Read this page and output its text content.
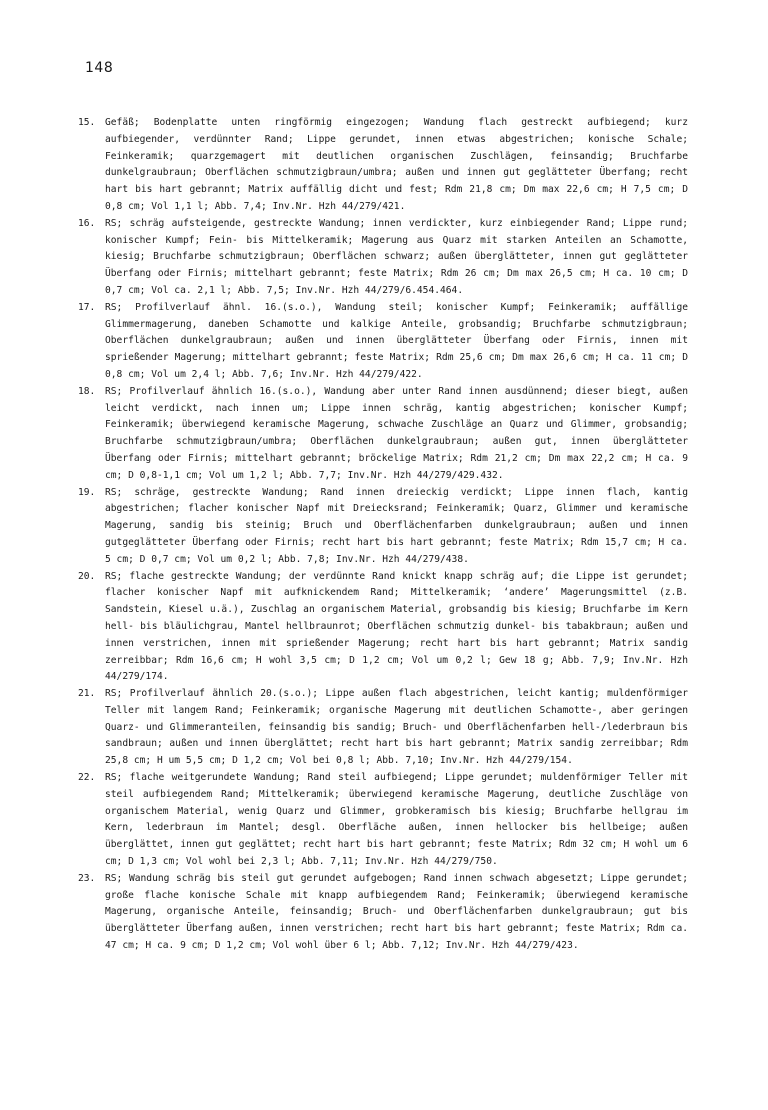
148
15.	Gefäß; Bodenplatte unten ringförmig eingezogen; Wandung flach gestreckt aufbiegend; kurz aufbiegender, verdünnter Rand; Lippe gerundet, innen etwas abgestrichen; konische Schale; Feinkeramik; quarzgemagert mit deutlichen organischen Zuschlägen, feinsandig; Bruchfarbe dunkelgraubraun; Oberflächen schmutzigbraun/umbra; außen und innen gut geglätteter Überfang; recht hart bis hart gebrannt; Matrix auffällig dicht und fest; Rdm 21,8 cm; Dm max 22,6 cm; H 7,5 cm; D 0,8 cm; Vol 1,1 l; Abb. 7,4; Inv.Nr. Hzh 44/279/421.
16.	RS; schräg aufsteigende, gestreckte Wandung; innen verdickter, kurz einbiegender Rand; Lippe rund; konischer Kumpf; Fein- bis Mittelkeramik; Magerung aus Quarz mit starken Anteilen an Schamotte, kiesig; Bruchfarbe schmutzigbraun; Oberflächen schwarz; außen überglätteter, innen gut geglätteter Überfang oder Firnis; mittelhart gebrannt; feste Matrix; Rdm 26 cm; Dm max 26,5 cm; H ca. 10 cm; D 0,7 cm; Vol ca. 2,1 l; Abb. 7,5; Inv.Nr. Hzh 44/279/6.454.464.
17.	RS; Profilverlauf ähnl. 16.(s.o.), Wandung steil; konischer Kumpf; Feinkeramik; auffällige Glimmermagerung, daneben Schamotte und kalkige Anteile, grobsandig; Bruchfarbe schmutzigbraun; Oberflächen dunkelgraubraun; außen und innen überglätteter Überfang oder Firnis, innen mit sprießender Magerung; mittelhart gebrannt; feste Matrix; Rdm 25,6 cm; Dm max 26,6 cm; H ca. 11 cm; D 0,8 cm; Vol um 2,4 l; Abb. 7,6; Inv.Nr. Hzh 44/279/422.
18.	RS; Profilverlauf ähnlich 16.(s.o.), Wandung aber unter Rand innen ausdünnend; dieser biegt, außen leicht verdickt, nach innen um; Lippe innen schräg, kantig abgestrichen; konischer Kumpf; Feinkeramik; überwiegend keramische Magerung, schwache Zuschläge an Quarz und Glimmer, grobsandig; Bruchfarbe schmutzigbraun/umbra; Oberflächen dunkelgraubraun; außen gut, innen überglätteter Überfang oder Firnis; mittelhart gebrannt; bröckelige Matrix; Rdm 21,2 cm; Dm max 22,2 cm; H ca. 9 cm; D 0,8-1,1 cm; Vol um 1,2 l; Abb. 7,7; Inv.Nr. Hzh 44/279/429.432.
19.	RS; schräge, gestreckte Wandung; Rand innen dreieckig verdickt; Lippe innen flach, kantig abgestrichen; flacher konischer Napf mit Dreiecksrand; Feinkeramik; Quarz, Glimmer und keramische Magerung, sandig bis steinig; Bruch und Oberflächenfarben dunkelgraubraun; außen und innen gutgeglätteter Überfang oder Firnis; recht hart bis hart gebrannt; feste Matrix; Rdm 15,7 cm; H ca. 5 cm; D 0,7 cm; Vol um 0,2 l; Abb. 7,8; Inv.Nr. Hzh 44/279/438.
20.	RS; flache gestreckte Wandung; der verdünnte Rand knickt knapp schräg auf; die Lippe ist gerundet; flacher konischer Napf mit aufknickendem Rand; Mittelkeramik; ‘andere’ Magerungsmittel (z.B. Sandstein, Kiesel u.ä.), Zuschlag an organischem Material, grobsandig bis kiesig; Bruchfarbe im Kern hell- bis bläulichgrau, Mantel hellbraunrot; Oberflächen schmutzig dunkel- bis tabakbraun; außen und innen verstrichen, innen mit sprießender Magerung; recht hart bis hart gebrannt; Matrix sandig zerreibbar; Rdm 16,6 cm; H wohl 3,5 cm; D 1,2 cm; Vol um 0,2 l; Gew 18 g; Abb. 7,9; Inv.Nr. Hzh 44/279/174.
21.	RS; Profilverlauf ähnlich 20.(s.o.); Lippe außen flach abgestrichen, leicht kantig; muldenförmiger Teller mit langem Rand; Feinkeramik; organische Magerung mit deutlichen Schamotte-, aber geringen Quarz- und Glimmeranteilen, feinsandig bis sandig; Bruch- und Oberflächenfarben hell-/lederbraun bis sandbraun; außen und innen überglättet; recht hart bis hart gebrannt; Matrix sandig zerreibbar; Rdm 25,8 cm; H um 5,5 cm; D 1,2 cm; Vol bei 0,8 l; Abb. 7,10; Inv.Nr. Hzh 44/279/154.
22.	RS; flache weitgerundete Wandung; Rand steil aufbiegend; Lippe gerundet; muldenförmiger Teller mit steil aufbiegendem Rand; Mittelkeramik; überwiegend keramische Magerung, deutliche Zuschläge von organischem Material, wenig Quarz und Glimmer, grobkeramisch bis kiesig; Bruchfarbe hellgrau im Kern, lederbraun im Mantel; desgl. Oberfläche außen, innen hellocker bis hellbeige; außen überglättet, innen gut geglättet; recht hart bis hart gebrannt; feste Matrix; Rdm 32 cm; H wohl um 6 cm; D 1,3 cm; Vol wohl bei 2,3 l; Abb. 7,11; Inv.Nr. Hzh 44/279/750.
23.	RS; Wandung schräg bis steil gut gerundet aufgebogen; Rand innen schwach abgesetzt; Lippe gerundet; große flache konische Schale mit knapp aufbiegendem Rand; Feinkeramik; überwiegend keramische Magerung, organische Anteile, feinsandig; Bruch- und Oberflächenfarben dunkelgraubraun; gut bis überglätteter Überfang außen, innen verstrichen; recht hart bis hart gebrannt; feste Matrix; Rdm ca. 47 cm; H ca. 9 cm; D 1,2 cm; Vol wohl über 6 l; Abb. 7,12; Inv.Nr. Hzh 44/279/423.
